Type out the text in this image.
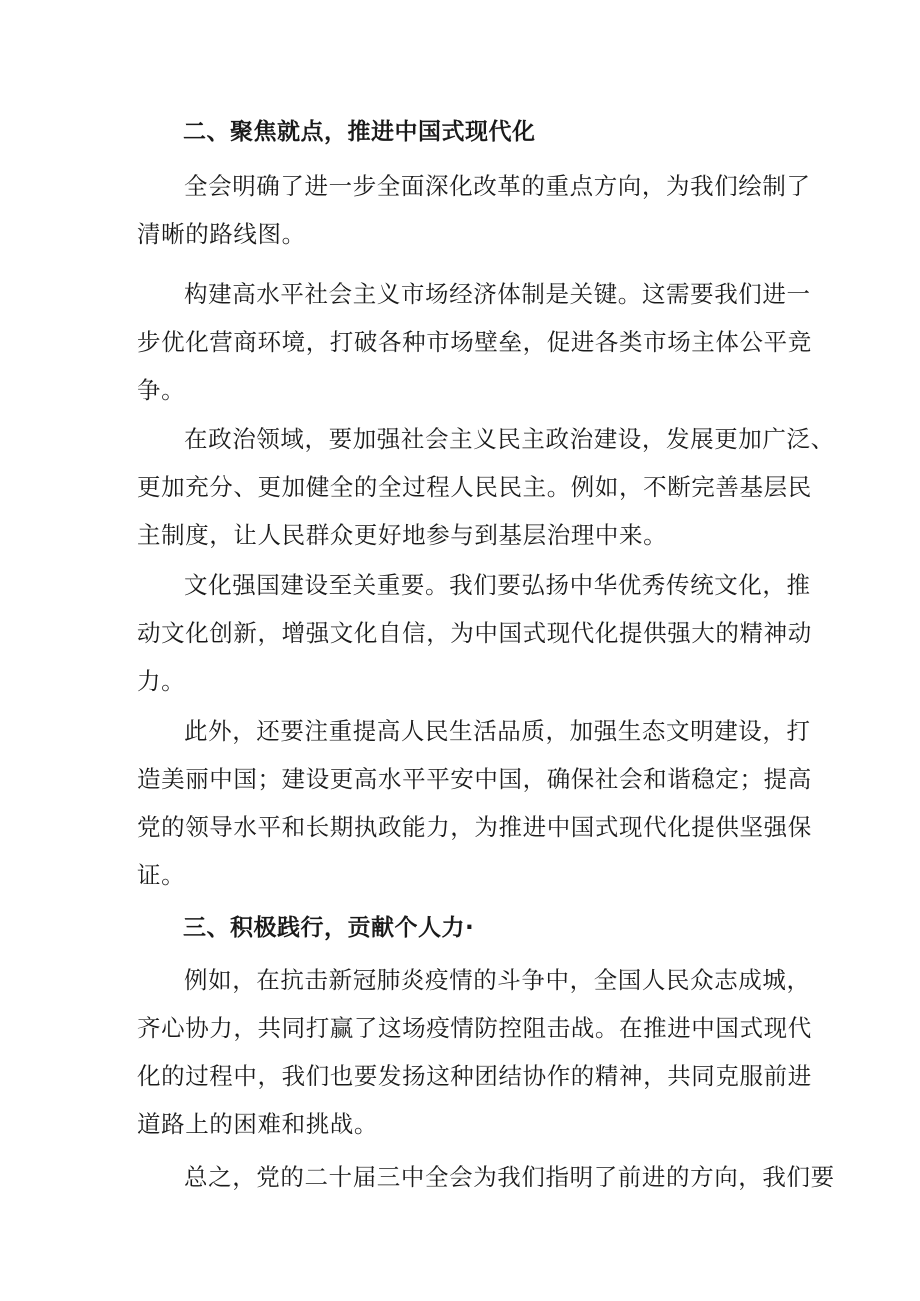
二、聚焦就点，推进中国式现代化

全会明确了进一步全面深化改革的重点方向，为我们绘制了
清晰的路线图。

构建高水平社会主义市场经济体制是关键。这需要我们进一
步优化营商环境，打破各种市场壁垒，促进各类市场主体公平竞
争。

在政治领域，要加强社会主义民主政治建设，发展更加广泛、
更加充分、更加健全的全过程人民民主。例如，不断完善基层民
主制度，让人民群众更好地参与到基层治理中来。

文化强国建设至关重要。我们要弘扬中华优秀传统文化，推
动文化创新，增强文化自信，为中国式现代化提供强大的精神动
力。

此外，还要注重提高人民生活品质，加强生态文明建设，打
造美丽中国；建设更高水平平安中国，确保社会和谐稳定；提高
党的领导水平和长期执政能力，为推进中国式现代化提供坚强保
证。

三、积极践行，贡献个人力·

例如，在抗击新冠肺炎疫情的斗争中，全国人民众志成城，
齐心协力，共同打赢了这场疫情防控阻击战。在推进中国式现代
化的过程中，我们也要发扬这种团结协作的精神，共同克服前进
道路上的困难和挑战。

总之，党的二十届三中全会为我们指明了前进的方向，我们要
